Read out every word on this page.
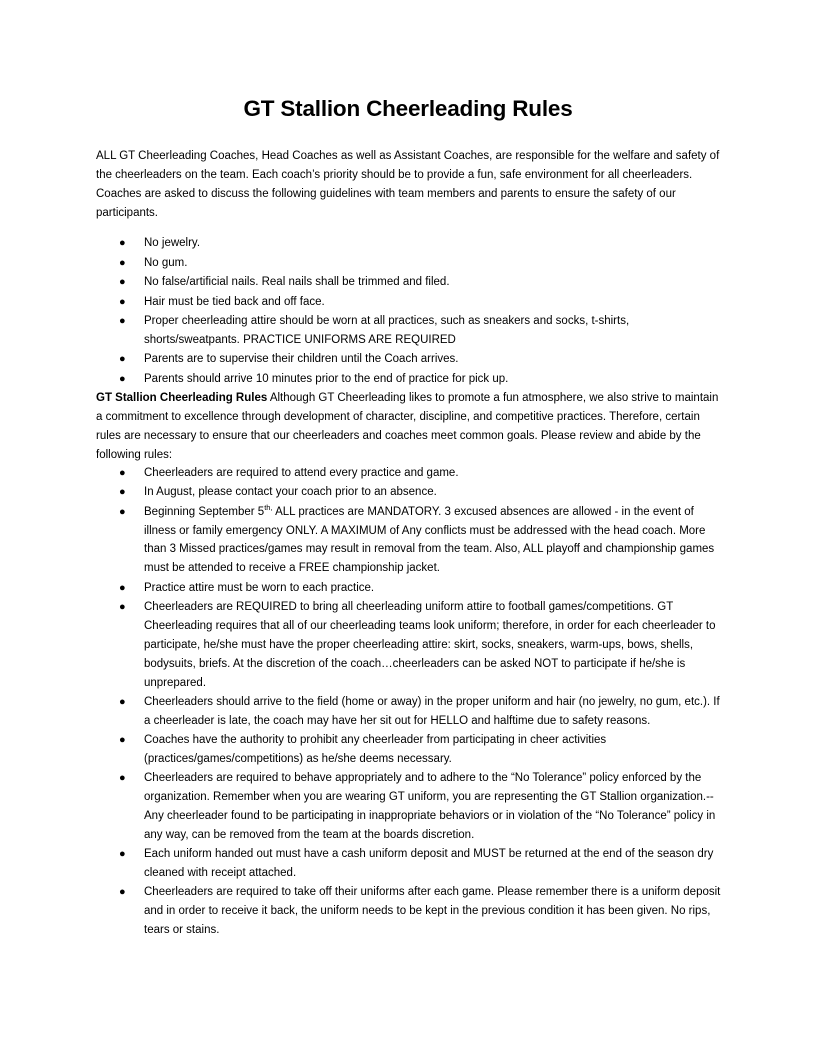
GT Stallion Cheerleading Rules

ALL GT Cheerleading Coaches, Head Coaches as well as Assistant Coaches, are responsible for the welfare and safety of the cheerleaders on the team. Each coach’s priority should be to provide a fun, safe environment for all cheerleaders. Coaches are asked to discuss the following guidelines with team members and parents to ensure the safety of our participants.

● No jewelry.
● No gum.
● No false/artificial nails. Real nails shall be trimmed and filed.
● Hair must be tied back and off face.
● Proper cheerleading attire should be worn at all practices, such as sneakers and socks, t-shirts, shorts/sweatpants. PRACTICE UNIFORMS ARE REQUIRED
● Parents are to supervise their children until the Coach arrives.
● Parents should arrive 10 minutes prior to the end of practice for pick up.

GT Stallion Cheerleading Rules Although GT Cheerleading likes to promote a fun atmosphere, we also strive to maintain a commitment to excellence through development of character, discipline, and competitive practices. Therefore, certain rules are necessary to ensure that our cheerleaders and coaches meet common goals. Please review and abide by the following rules:

● Cheerleaders are required to attend every practice and game.
● In August, please contact your coach prior to an absence.
● Beginning September $5^{th,}$ ALL practices are MANDATORY. 3 excused absences are allowed - in the event of illness or family emergency ONLY. A MAXIMUM of Any conflicts must be addressed with the head coach. More than 3 Missed practices/games may result in removal from the team. Also, ALL playoff and championship games must be attended to receive a FREE championship jacket.
● Practice attire must be worn to each practice.
● Cheerleaders are REQUIRED to bring all cheerleading uniform attire to football games/competitions. GT Cheerleading requires that all of our cheerleading teams look uniform; therefore, in order for each cheerleader to participate, he/she must have the proper cheerleading attire: skirt, socks, sneakers, warm-ups, bows, shells, bodysuits, briefs. At the discretion of the coach…cheerleaders can be asked NOT to participate if he/she is unprepared.
● Cheerleaders should arrive to the field (home or away) in the proper uniform and hair (no jewelry, no gum, etc.). If a cheerleader is late, the coach may have her sit out for HELLO and halftime due to safety reasons.
● Coaches have the authority to prohibit any cheerleader from participating in cheer activities (practices/games/competitions) as he/she deems necessary.
● Cheerleaders are required to behave appropriately and to adhere to the “No Tolerance” policy enforced by the organization. Remember when you are wearing GT uniform, you are representing the GT Stallion organization.--Any cheerleader found to be participating in inappropriate behaviors or in violation of the “No Tolerance” policy in any way, can be removed from the team at the boards discretion.
● Each uniform handed out must have a cash uniform deposit and MUST be returned at the end of the season dry cleaned with receipt attached.
● Cheerleaders are required to take off their uniforms after each game. Please remember there is a uniform deposit and in order to receive it back, the uniform needs to be kept in the previous condition it has been given. No rips, tears or stains.
